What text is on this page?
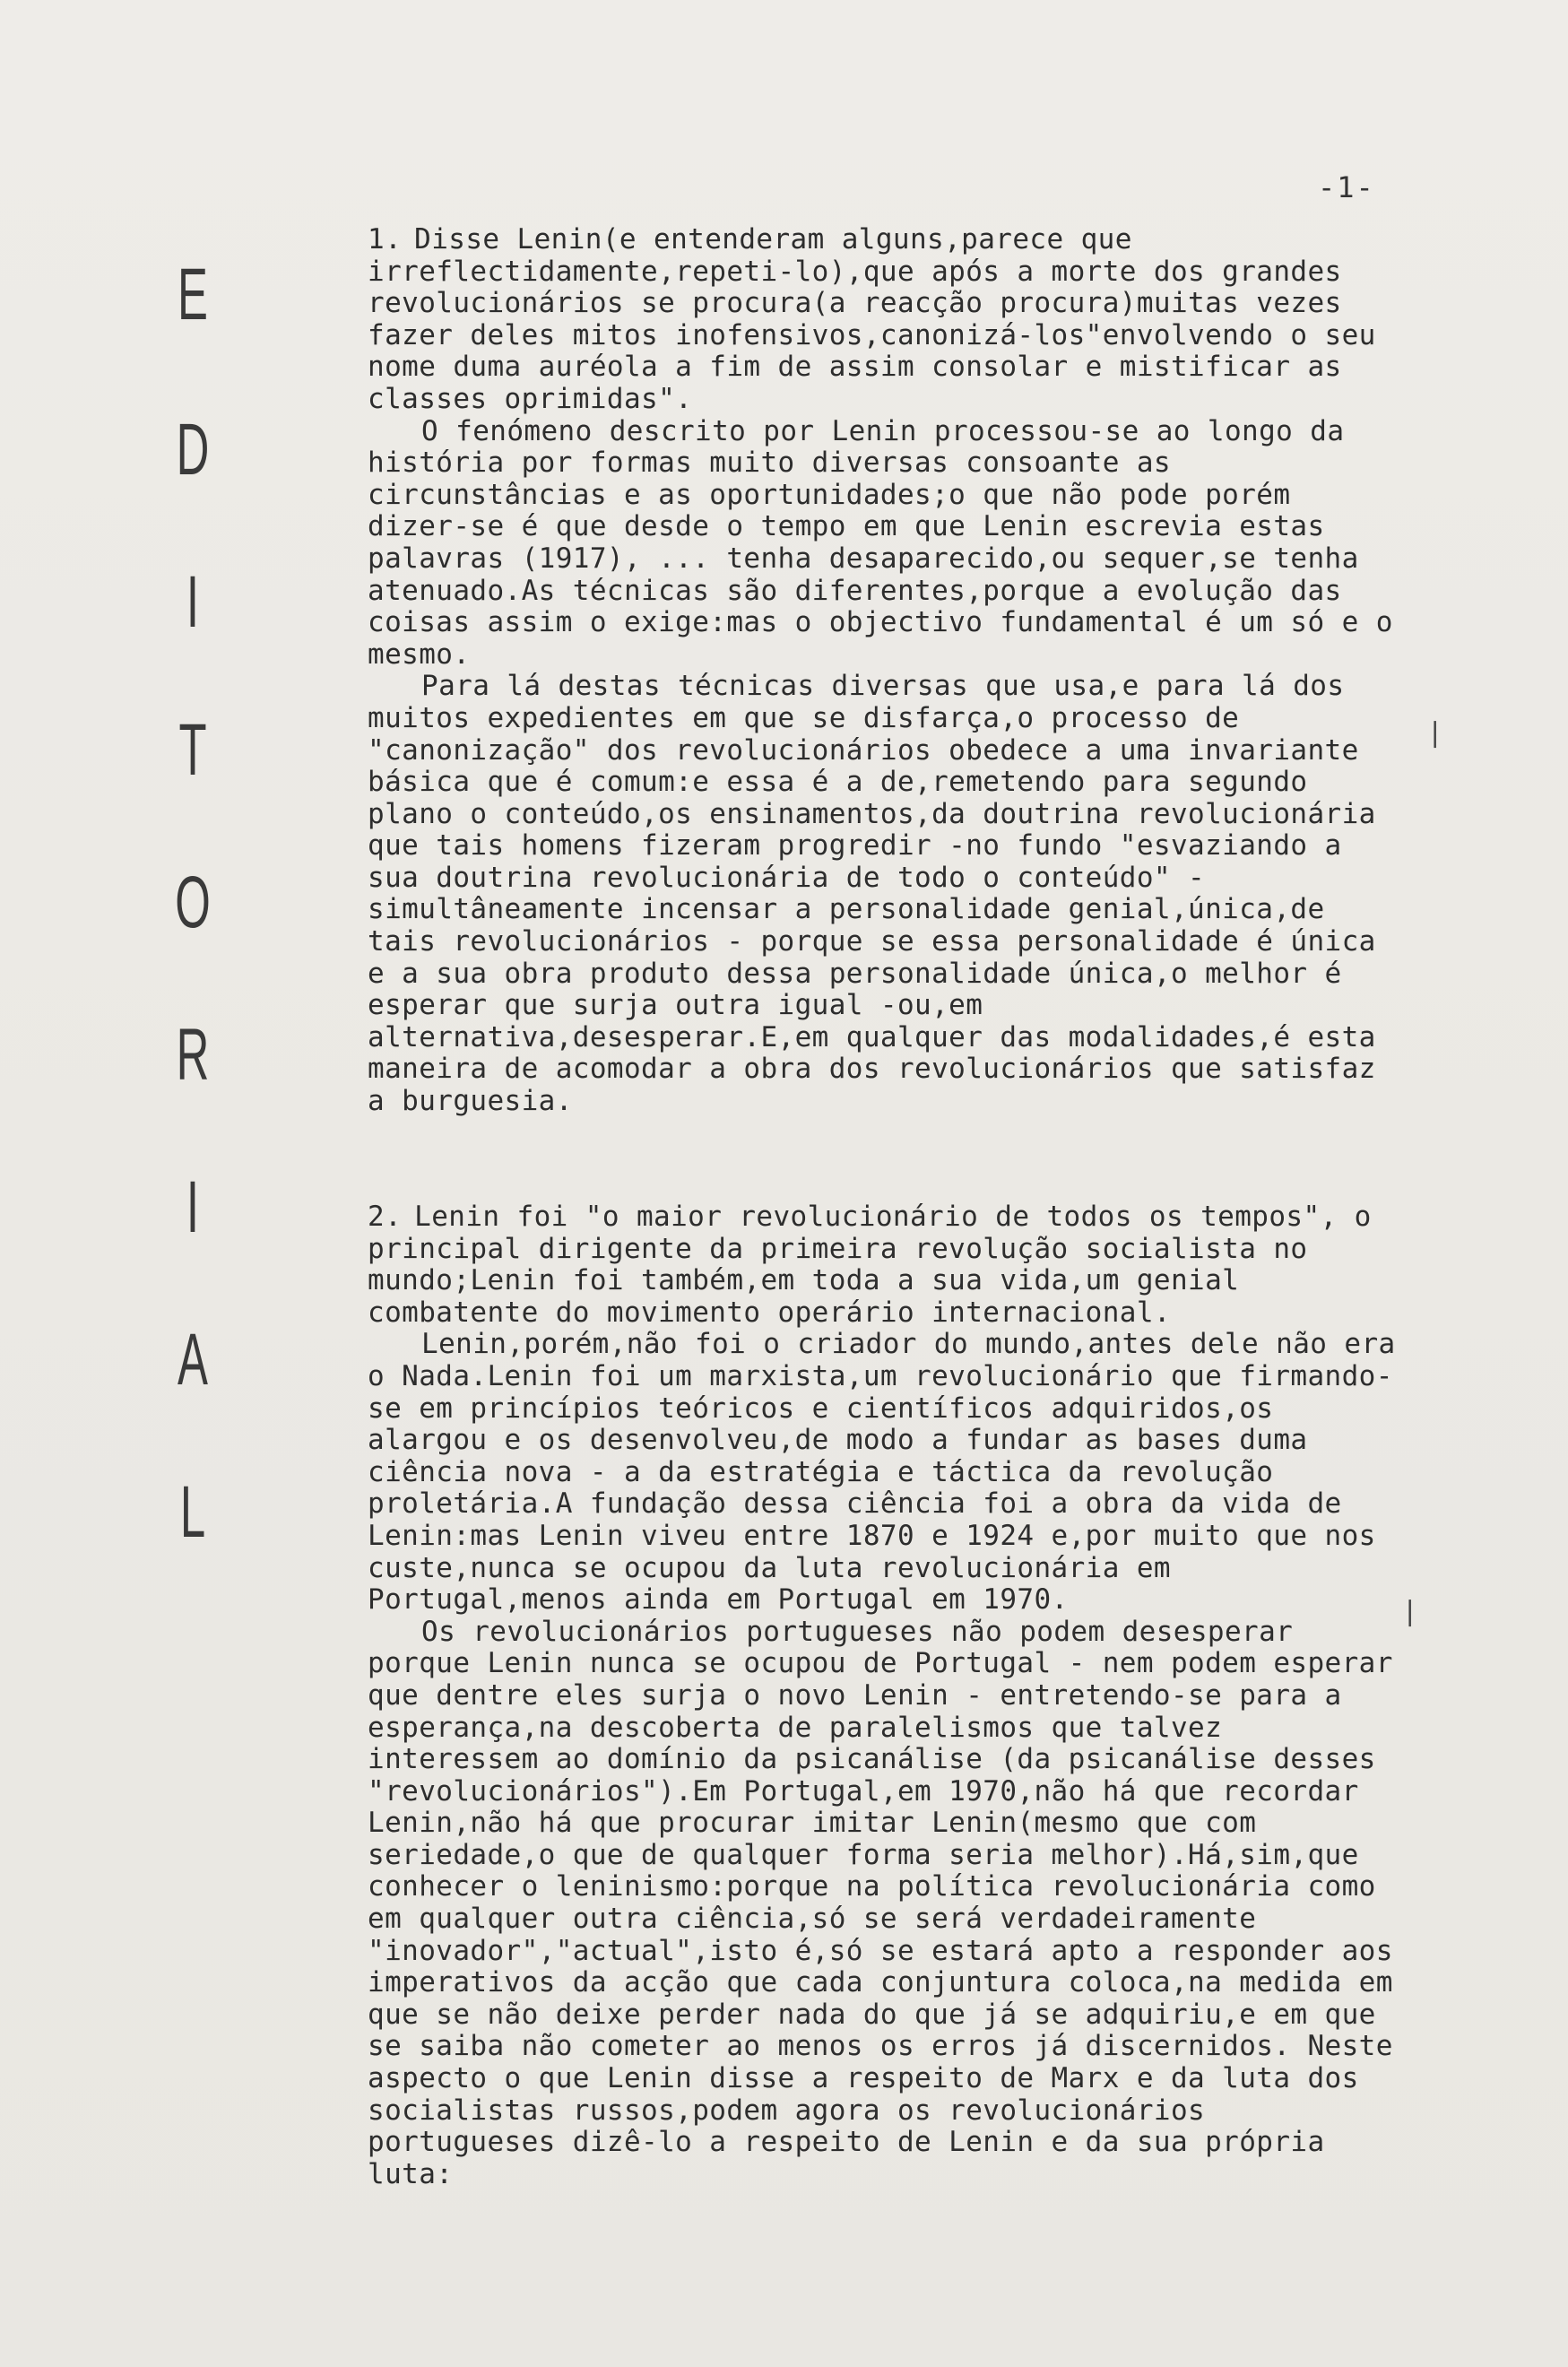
-1-
E
D
I
T
O
R
I
A
L

1. Disse Lenin(e entenderam alguns,parece que irreflectidamente,repeti-lo),que após a morte dos grandes revolucionários se procura(a reacção procura)muitas vezes fazer deles mitos inofensivos,canonizá-los"envolvendo o seu nome duma auréola a fim de assim consolar e mistificar as classes oprimidas".

O fenómeno descrito por Lenin processou-se ao longo da história por formas muito diversas consoante as circunstâncias e as oportunidades;o que não pode porém dizer-se é que desde o tempo em que Lenin escrevia estas palavras (1917), ... tenha desaparecido,ou sequer,se tenha atenuado.As técnicas são diferentes,porque a evolução das coisas assim o exige:mas o objectivo fundamental é um só e o mesmo.

Para lá destas técnicas diversas que usa,e para lá dos muitos expedientes em que se disfarça,o processo de "canonização" dos revolucionários obedece a uma invariante básica que é comum:e essa é a de,remetendo para segundo plano o conteúdo,os ensinamentos,da doutrina revolucionária que tais homens fizeram progredir -no fundo "esvaziando a sua doutrina revolucionária de todo o conteúdo" - simultâneamente incensar a personalidade genial,única,de tais revolucionários - porque se essa personalidade é única e a sua obra produto dessa personalidade única,o melhor é esperar que surja outra igual -ou,em alternativa,desesperar.E,em qualquer das modalidades,é esta maneira de acomodar a obra dos revolucionários que satisfaz a burguesia.

2. Lenin foi "o maior revolucionário de todos os tempos", o principal dirigente da primeira revolução socialista no mundo;Lenin foi também,em toda a sua vida,um genial combatente do movimento operário internacional.

Lenin,porém,não foi o criador do mundo,antes dele não era o Nada.Lenin foi um marxista,um revolucionário que firmando-se em princípios teóricos e científicos adquiridos,os alargou e os desenvolveu,de modo a fundar as bases duma ciência nova - a da estratégia e táctica da revolução proletária.A fundação dessa ciência foi a obra da vida de Lenin:mas Lenin viveu entre 1870 e 1924 e,por muito que nos custe,nunca se ocupou da luta revolucionária em Portugal,menos ainda em Portugal em 1970.

Os revolucionários portugueses não podem desesperar porque Lenin nunca se ocupou de Portugal - nem podem esperar que dentre eles surja o novo Lenin - entretendo-se para a esperança,na descoberta de paralelismos que talvez interessem ao domínio da psicanálise (da psicanálise desses "revolucionários").Em Portugal,em 1970,não há que recordar Lenin,não há que procurar imitar Lenin(mesmo que com seriedade,o que de qualquer forma seria melhor).Há,sim,que conhecer o leninismo:porque na política revolucionária como em qualquer outra ciência,só se será verdadeiramente "inovador","actual",isto é,só se estará apto a responder aos imperativos da acção que cada conjuntura coloca,na medida em que se não deixe perder nada do que já se adquiriu,e em que se saiba não cometer ao menos os erros já discernidos. Neste aspecto o que Lenin disse a respeito de Marx e da luta dos socialistas russos,podem agora os revolucionários portugueses dizê-lo a respeito de Lenin e da sua própria luta:

❘
❘
